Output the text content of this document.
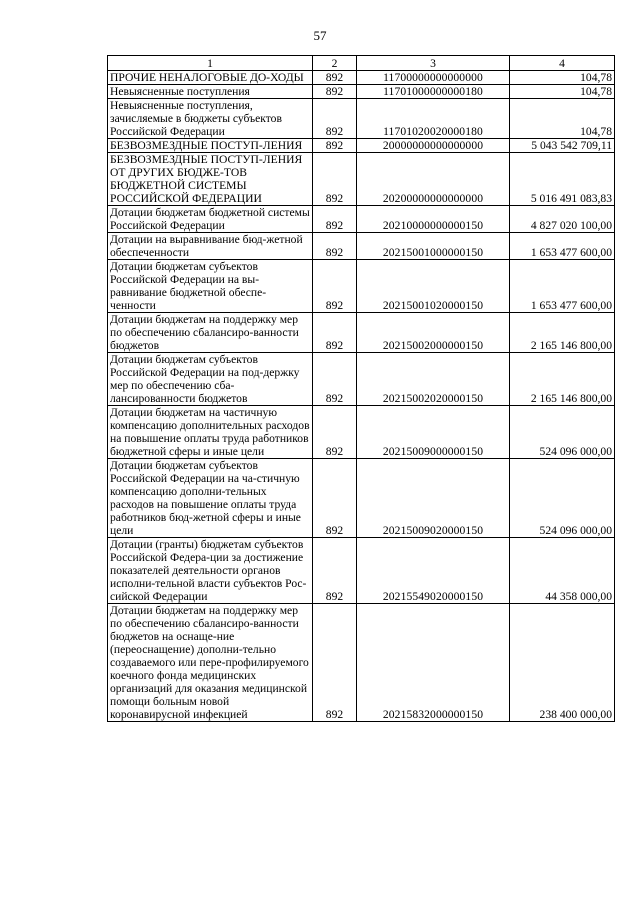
57
1	2	3	4
ПРОЧИЕ НЕНАЛОГОВЫЕ ДО-ХОДЫ	892	11700000000000000	104,78
Невыясненные поступления	892	11701000000000180	104,78
Невыясненные поступления, зачисляемые в бюджеты субъектов Российской Федерации	892	11701020020000180	104,78
БЕЗВОЗМЕЗДНЫЕ ПОСТУП-ЛЕНИЯ	892	20000000000000000	5 043 542 709,11
БЕЗВОЗМЕЗДНЫЕ ПОСТУП-ЛЕНИЯ ОТ ДРУГИХ БЮДЖЕ-ТОВ БЮДЖЕТНОЙ СИСТЕМЫ РОССИЙСКОЙ ФЕДЕРАЦИИ	892	20200000000000000	5 016 491 083,83
Дотации бюджетам бюджетной системы Российской Федерации	892	20210000000000150	4 827 020 100,00
Дотации на выравнивание бюд-жетной обеспеченности	892	20215001000000150	1 653 477 600,00
Дотации бюджетам субъектов Российской Федерации на вы-равнивание бюджетной обеспе-ченности	892	20215001020000150	1 653 477 600,00
Дотации бюджетам на поддержку мер по обеспечению сбалансиро-ванности бюджетов	892	20215002000000150	2 165 146 800,00
Дотации бюджетам субъектов Российской Федерации на под-держку мер по обеспечению сба-лансированности бюджетов	892	20215002020000150	2 165 146 800,00
Дотации бюджетам на частичную компенсацию дополнительных расходов на повышение оплаты труда работников бюджетной сферы и иные цели	892	20215009000000150	524 096 000,00
Дотации бюджетам субъектов Российской Федерации на ча-стичную компенсацию дополни-тельных расходов на повышение оплаты труда работников бюд-жетной сферы и иные цели	892	20215009020000150	524 096 000,00
Дотации (гранты) бюджетам субъектов Российской Федера-ции за достижение показателей деятельности органов исполни-тельной власти субъектов Рос-сийской Федерации	892	20215549020000150	44 358 000,00
Дотации бюджетам на поддержку мер по обеспечению сбалансиро-ванности бюджетов на оснаще-ние (переоснащение) дополни-тельно создаваемого или пере-профилируемого коечного фонда медицинских организаций для оказания медицинской помощи больным новой коронавирусной инфекцией	892	20215832000000150	238 400 000,00
